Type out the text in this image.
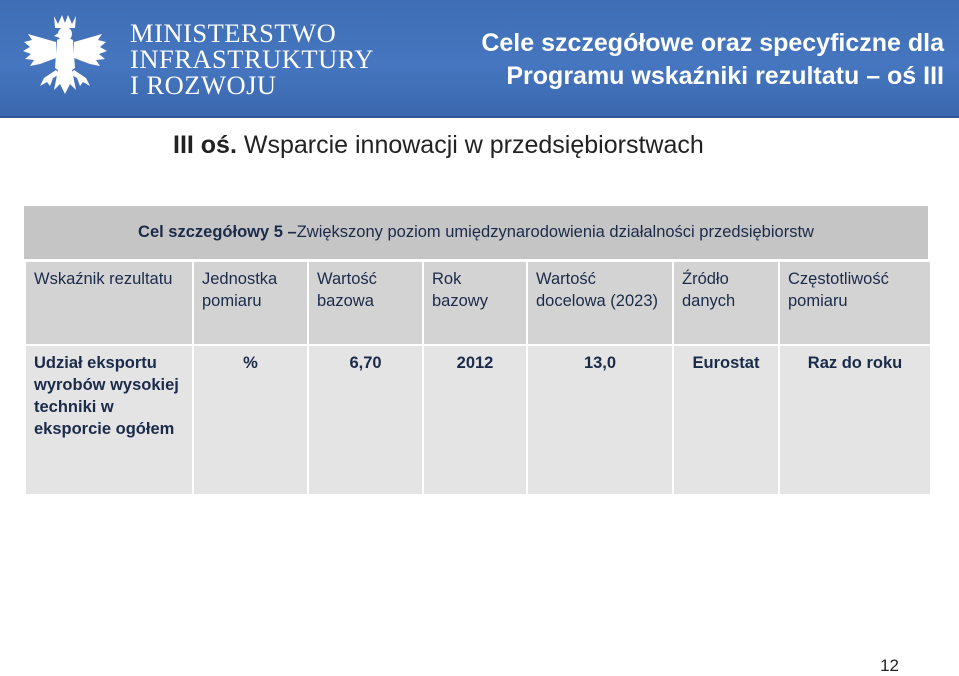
MINISTERSTWO
INFRASTRUKTURY
I ROZWOJU
Cele szczegółowe oraz specyficzne dla
Programu wskaźniki rezultatu – oś III
III oś. Wsparcie innowacji w przedsiębiorstwach
Cel szczegółowy 5 – Zwiększony poziom umiędzynarodowienia działalności przedsiębiorstw
Wskaźnik rezultatu	Jednostka pomiaru	Wartość bazowa	Rok bazowy	Wartość docelowa (2023)	Źródło danych	Częstotliwość pomiaru
Udział eksportu wyrobów wysokiej techniki w eksporcie ogółem	%	6,70	2012	13,0	Eurostat	Raz do roku
12
